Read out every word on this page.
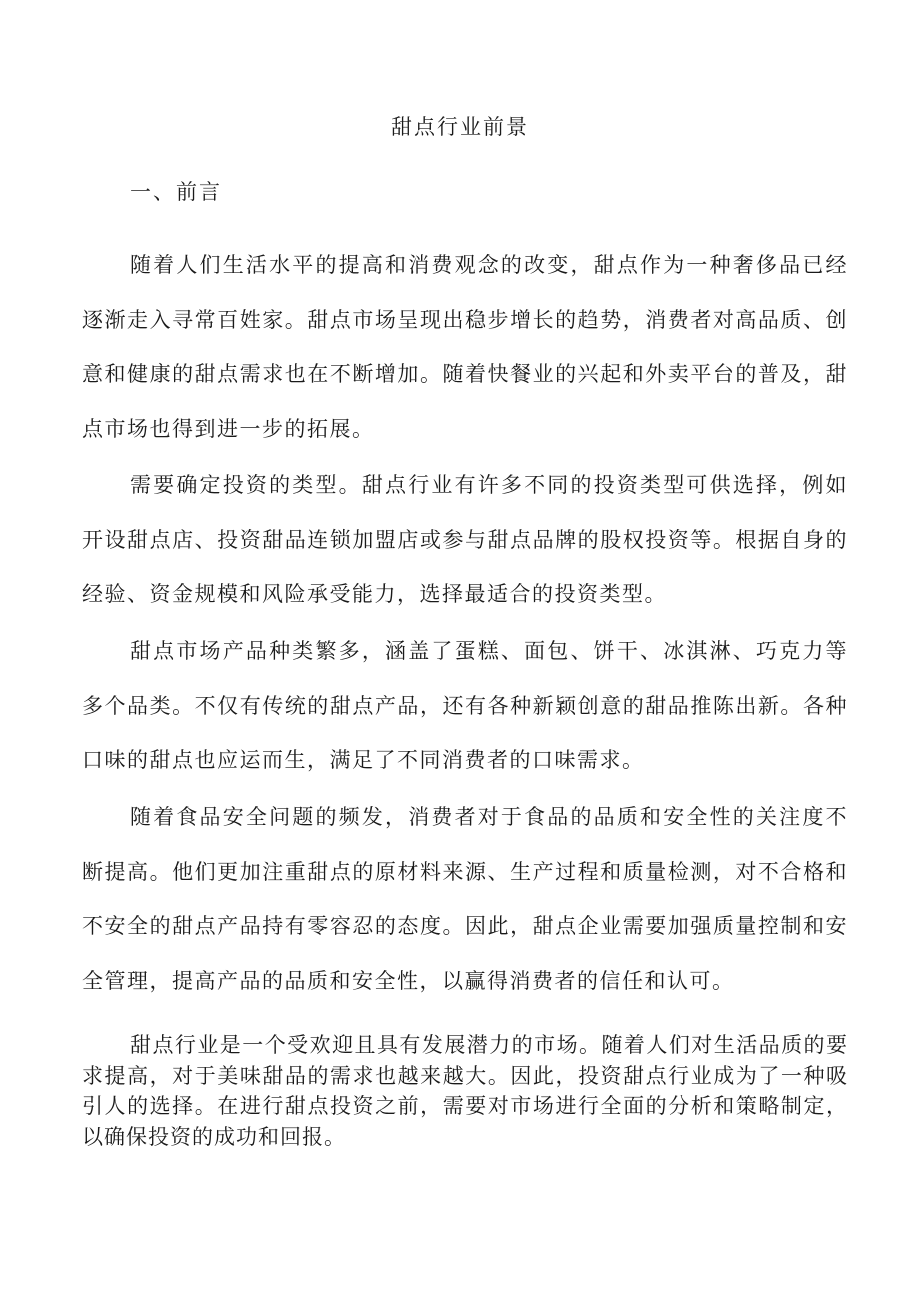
甜点行业前景
一、前言

随着人们生活水平的提高和消费观念的改变，甜点作为一种奢侈品已经逐渐走入寻常百姓家。甜点市场呈现出稳步增长的趋势，消费者对高品质、创意和健康的甜点需求也在不断增加。随着快餐业的兴起和外卖平台的普及，甜点市场也得到进一步的拓展。

需要确定投资的类型。甜点行业有许多不同的投资类型可供选择，例如开设甜点店、投资甜品连锁加盟店或参与甜点品牌的股权投资等。根据自身的经验、资金规模和风险承受能力，选择最适合的投资类型。

甜点市场产品种类繁多，涵盖了蛋糕、面包、饼干、冰淇淋、巧克力等多个品类。不仅有传统的甜点产品，还有各种新颖创意的甜品推陈出新。各种口味的甜点也应运而生，满足了不同消费者的口味需求。

随着食品安全问题的频发，消费者对于食品的品质和安全性的关注度不断提高。他们更加注重甜点的原材料来源、生产过程和质量检测，对不合格和不安全的甜点产品持有零容忍的态度。因此，甜点企业需要加强质量控制和安全管理，提高产品的品质和安全性，以赢得消费者的信任和认可。

甜点行业是一个受欢迎且具有发展潜力的市场。随着人们对生活品质的要求提高，对于美味甜品的需求也越来越大。因此，投资甜点行业成为了一种吸引人的选择。在进行甜点投资之前，需要对市场进行全面的分析和策略制定，以确保投资的成功和回报。
